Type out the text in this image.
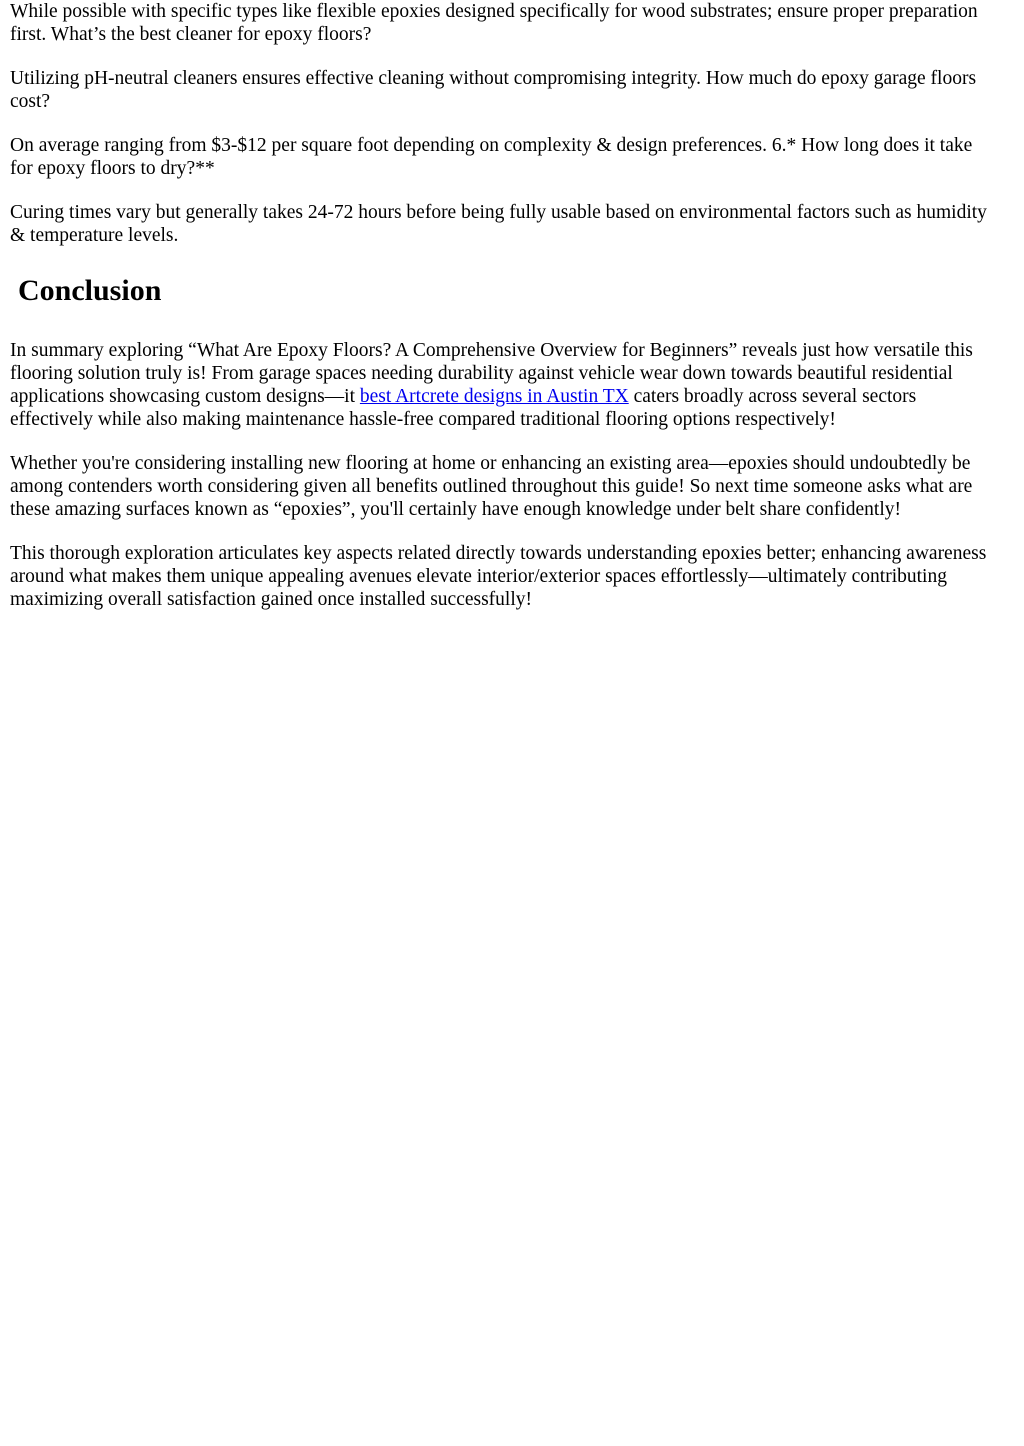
While possible with specific types like flexible epoxies designed specifically for wood substrates; ensure proper preparation first. What’s the best cleaner for epoxy floors?

Utilizing pH-neutral cleaners ensures effective cleaning without compromising integrity. How much do epoxy garage floors cost?

On average ranging from $3-$12 per square foot depending on complexity & design preferences. 6.* How long does it take for epoxy floors to dry?**

Curing times vary but generally takes 24-72 hours before being fully usable based on environmental factors such as humidity & temperature levels.

Conclusion

In summary exploring “What Are Epoxy Floors? A Comprehensive Overview for Beginners” reveals just how versatile this flooring solution truly is! From garage spaces needing durability against vehicle wear down towards beautiful residential applications showcasing custom designs—it best Artcrete designs in Austin TX caters broadly across several sectors effectively while also making maintenance hassle-free compared traditional flooring options respectively!

Whether you're considering installing new flooring at home or enhancing an existing area—epoxies should undoubtedly be among contenders worth considering given all benefits outlined throughout this guide! So next time someone asks what are these amazing surfaces known as “epoxies”, you'll certainly have enough knowledge under belt share confidently!

This thorough exploration articulates key aspects related directly towards understanding epoxies better; enhancing awareness around what makes them unique appealing avenues elevate interior/exterior spaces effortlessly—ultimately contributing maximizing overall satisfaction gained once installed successfully!
